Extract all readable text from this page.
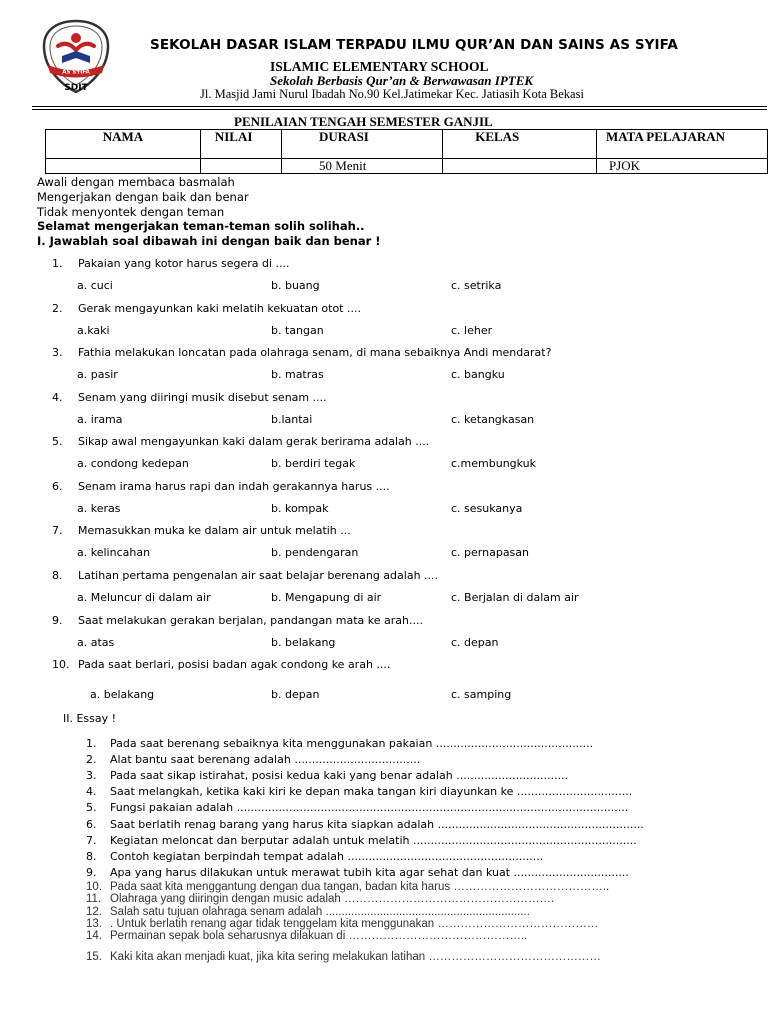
AS SYIFA
SDIT
SEKOLAH DASAR ISLAM TERPADU ILMU QUR’AN DAN SAINS AS SYIFA
ISLAMIC ELEMENTARY SCHOOL
Sekolah Berbasis Qur’an & Berwawasan IPTEK
Jl. Masjid Jami Nurul Ibadah No.90 Kel.Jatimekar Kec. Jatiasih Kota Bekasi
PENILAIAN TENGAH SEMESTER GANJIL
NAMA	NILAI	DURASI	KELAS	MATA PELAJARAN
		50 Menit		PJOK
Awali dengan membaca basmalah
Mengerjakan dengan baik dan benar
Tidak menyontek dengan teman
Selamat mengerjakan teman-teman solih solihah..
I. Jawablah soal dibawah ini dengan baik dan benar !
1. Pakaian yang kotor harus segera di ....
a. cuci	b. buang	c. setrika
2. Gerak mengayunkan kaki melatih kekuatan otot ....
a.kaki	b. tangan	c. leher
3. Fathia melakukan loncatan pada olahraga senam, di mana sebaiknya Andi mendarat?
a. pasir	b. matras	c. bangku
4. Senam yang diiringi musik disebut senam ....
a. irama	b.lantai	c. ketangkasan
5. Sikap awal mengayunkan kaki dalam gerak berirama adalah ....
a. condong kedepan	b. berdiri tegak	c.membungkuk
6. Senam irama harus rapi dan indah gerakannya harus ....
a. keras	b. kompak	c. sesukanya
7. Memasukkan muka ke dalam air untuk melatih ...
a. kelincahan	b. pendengaran	c. pernapasan
8. Latihan pertama pengenalan air saat belajar berenang adalah ....
a. Meluncur di dalam air	b. Mengapung di air	c. Berjalan di dalam air
9. Saat melakukan gerakan berjalan, pandangan mata ke arah....
a. atas	b. belakang	c. depan
10. Pada saat berlari, posisi badan agak condong ke arah ....
a. belakang	b. depan	c. samping
II. Essay !
1. Pada saat berenang sebaiknya kita menggunakan pakaian .............................................
2. Alat bantu saat berenang adalah ....................................
3. Pada saat sikap istirahat, posisi kedua kaki yang benar adalah ................................
4. Saat melangkah, ketika kaki kiri ke depan maka tangan kiri diayunkan ke .................................
5. Fungsi pakaian adalah ................................................................................................................
6. Saat berlatih renag barang yang harus kita siapkan adalah ...........................................................
7. Kegiatan meloncat dan berputar adalah untuk melatih ................................................................
8. Contoh kegiatan berpindah tempat adalah ........................................................
9. Apa yang harus dilakukan untuk merawat tubih kita agar sehat dan kuat .................................
10. Pada saat kita menggantung dengan dua tangan, badan kita harus …………………………………..
11. Olahraga yang diiringin dengan music adalah ……………………………………………….
12. Salah satu tujuan olahraga senam adalah ................................................................
13. . Untuk berlatih renang agar tidak tenggelam kita menggunakan ……………………………………
14. Permainan sepak bola seharusnya dilakuan di ………………………………………..
15. Kaki kita akan menjadi kuat, jika kita sering melakukan latihan ………………………………………
